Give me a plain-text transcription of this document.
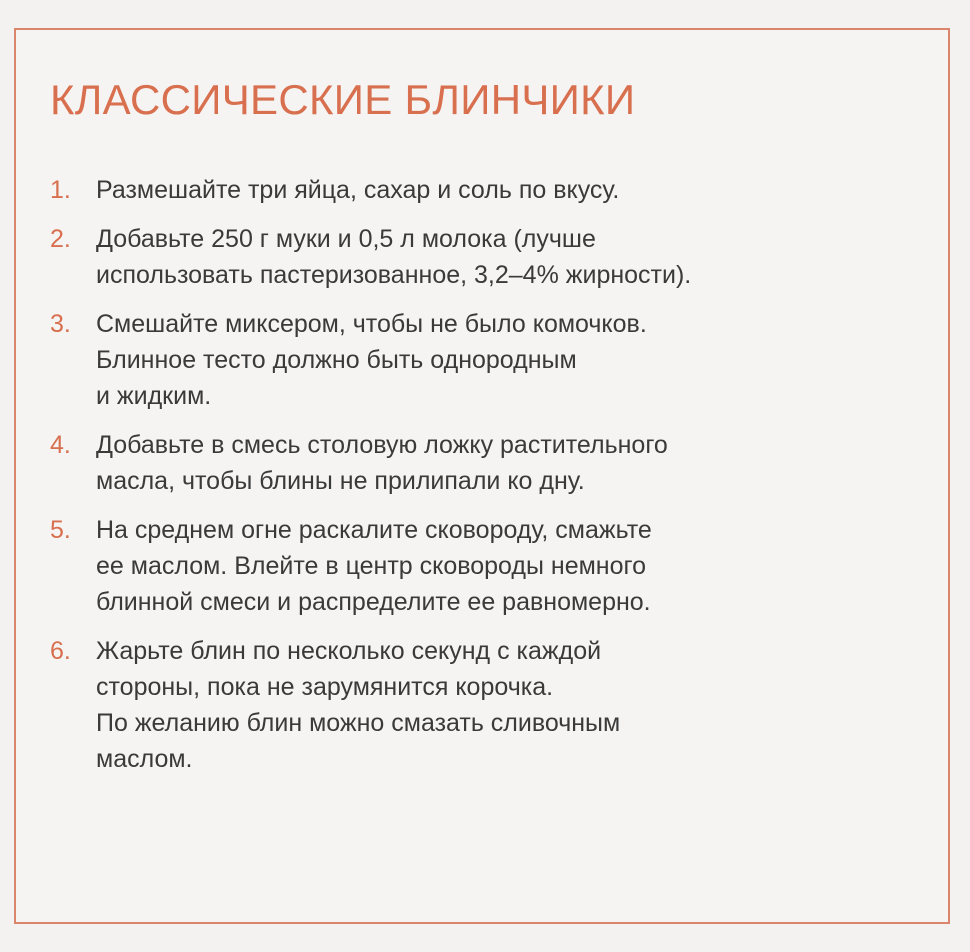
КЛАССИЧЕСКИЕ БЛИНЧИКИ
1.	Размешайте три яйца, сахар и соль по вкусу.
2.	Добавьте 250 г муки и 0,5 л молока (лучше
использовать пастеризованное, 3,2–4% жирности).
3.	Смешайте миксером, чтобы не было комочков.
Блинное тесто должно быть однородным
и жидким.
4.	Добавьте в смесь столовую ложку растительного
масла, чтобы блины не прилипали ко дну.
5.	На среднем огне раскалите сковороду, смажьте
ее маслом. Влейте в центр сковороды немного
блинной смеси и распределите ее равномерно.
6.	Жарьте блин по несколько секунд с каждой
стороны, пока не зарумянится корочка.
По желанию блин можно смазать сливочным
маслом.
